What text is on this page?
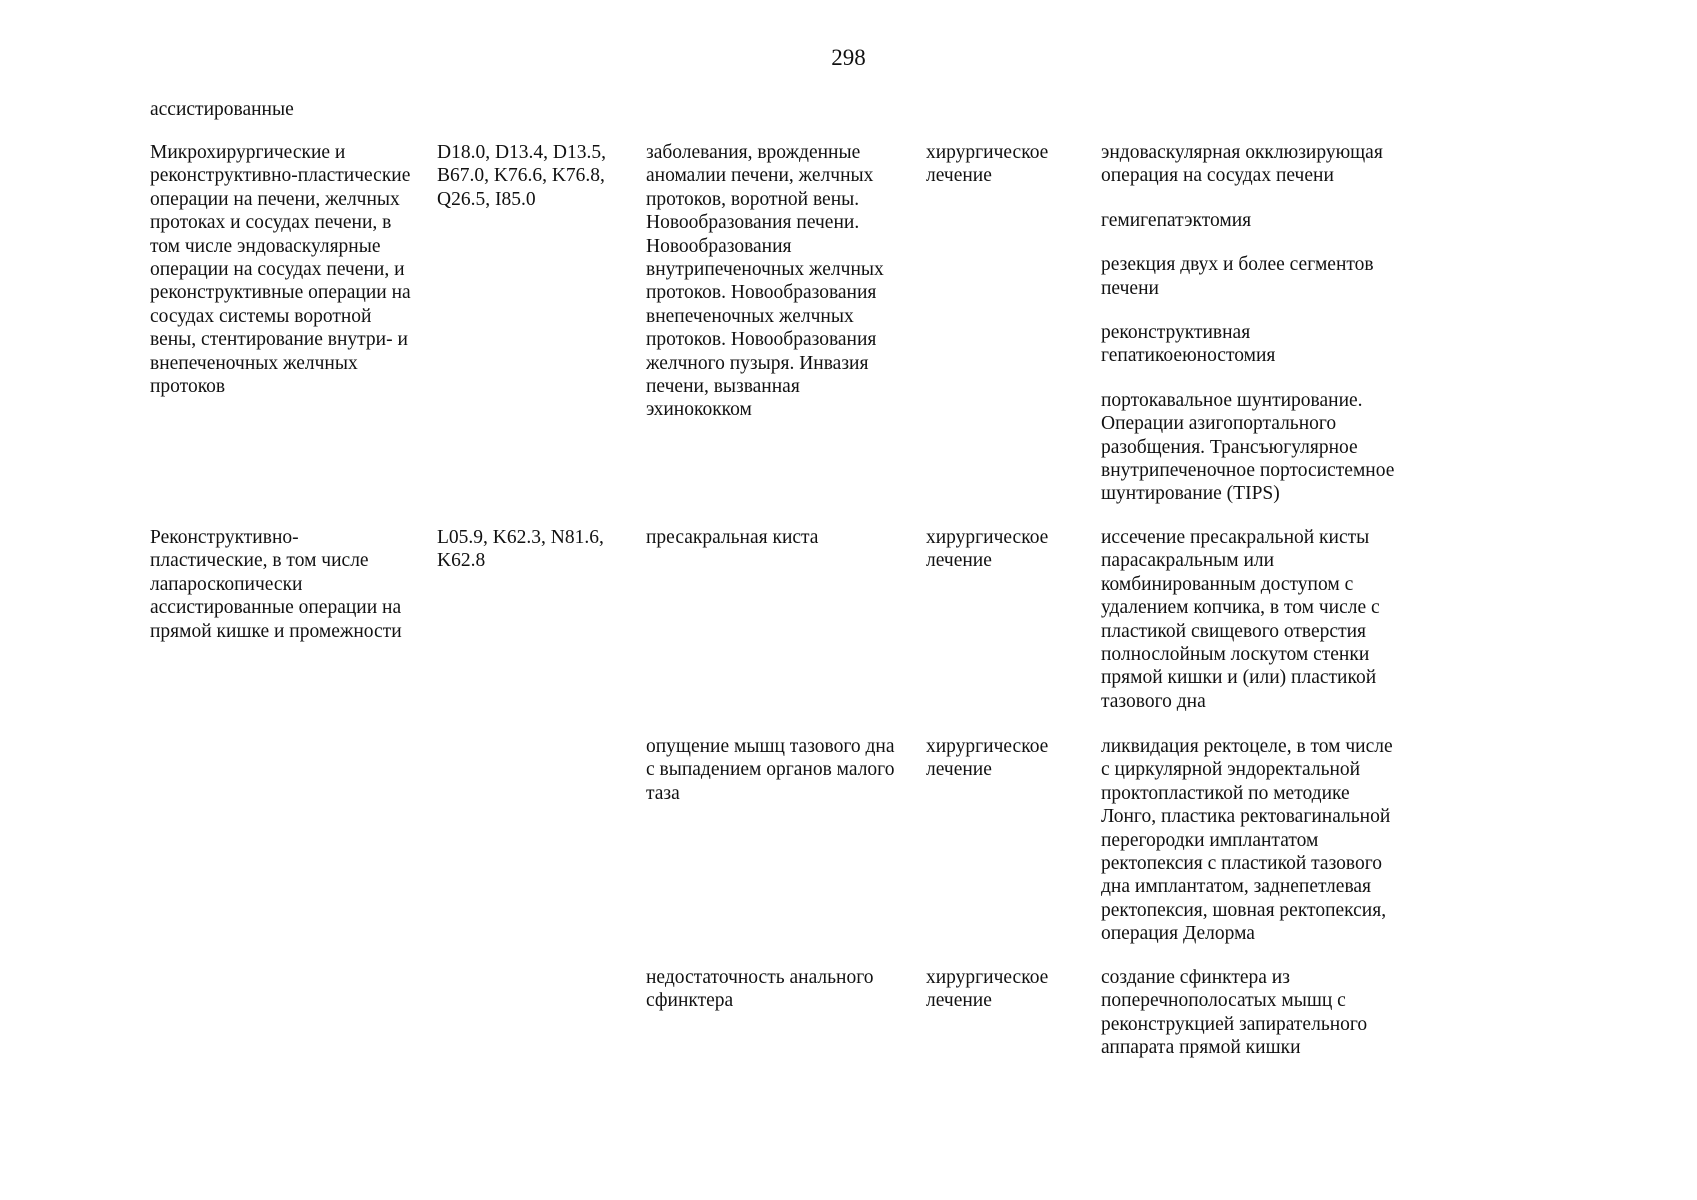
298
ассистированные
Микрохирургические и
реконструктивно-пластические
операции на печени, желчных
протоках и сосудах печени, в
том числе эндоваскулярные
операции на сосудах печени, и
реконструктивные операции на
сосудах системы воротной
вены, стентирование внутри- и
внепеченочных желчных
протоков
D18.0, D13.4, D13.5,
B67.0, K76.6, K76.8,
Q26.5, I85.0
заболевания, врожденные
аномалии печени, желчных
протоков, воротной вены.
Новообразования печени.
Новообразования
внутрипеченочных желчных
протоков. Новообразования
внепеченочных желчных
протоков. Новообразования
желчного пузыря. Инвазия
печени, вызванная
эхинококком
хирургическое
лечение
эндоваскулярная окклюзирующая
операция на сосудах печени
гемигепатэктомия
резекция двух и более сегментов
печени
реконструктивная
гепатикоеюностомия
портокавальное шунтирование.
Операции азигопортального
разобщения. Трансъюгулярное
внутрипеченочное портосистемное
шунтирование (TIPS)
Реконструктивно-
пластические, в том числе
лапароскопически
ассистированные операции на
прямой кишке и промежности
L05.9, K62.3, N81.6,
K62.8
пресакральная киста	хирургическое
лечение
иссечение пресакральной кисты
парасакральным или
комбинированным доступом с
удалением копчика, в том числе с
пластикой свищевого отверстия
полнослойным лоскутом стенки
прямой кишки и (или) пластикой
тазового дна
опущение мышц тазового дна
с выпадением органов малого
таза
хирургическое
лечение
ликвидация ректоцеле, в том числе
с циркулярной эндоректальной
проктопластикой по методике
Лонго, пластика ректовагинальной
перегородки имплантатом
ректопексия с пластикой тазового
дна имплантатом, заднепетлевая
ректопексия, шовная ректопексия,
операция Делорма
недостаточность анального
сфинктера
хирургическое
лечение
создание сфинктера из
поперечнополосатых мышц с
реконструкцией запирательного
аппарата прямой кишки
